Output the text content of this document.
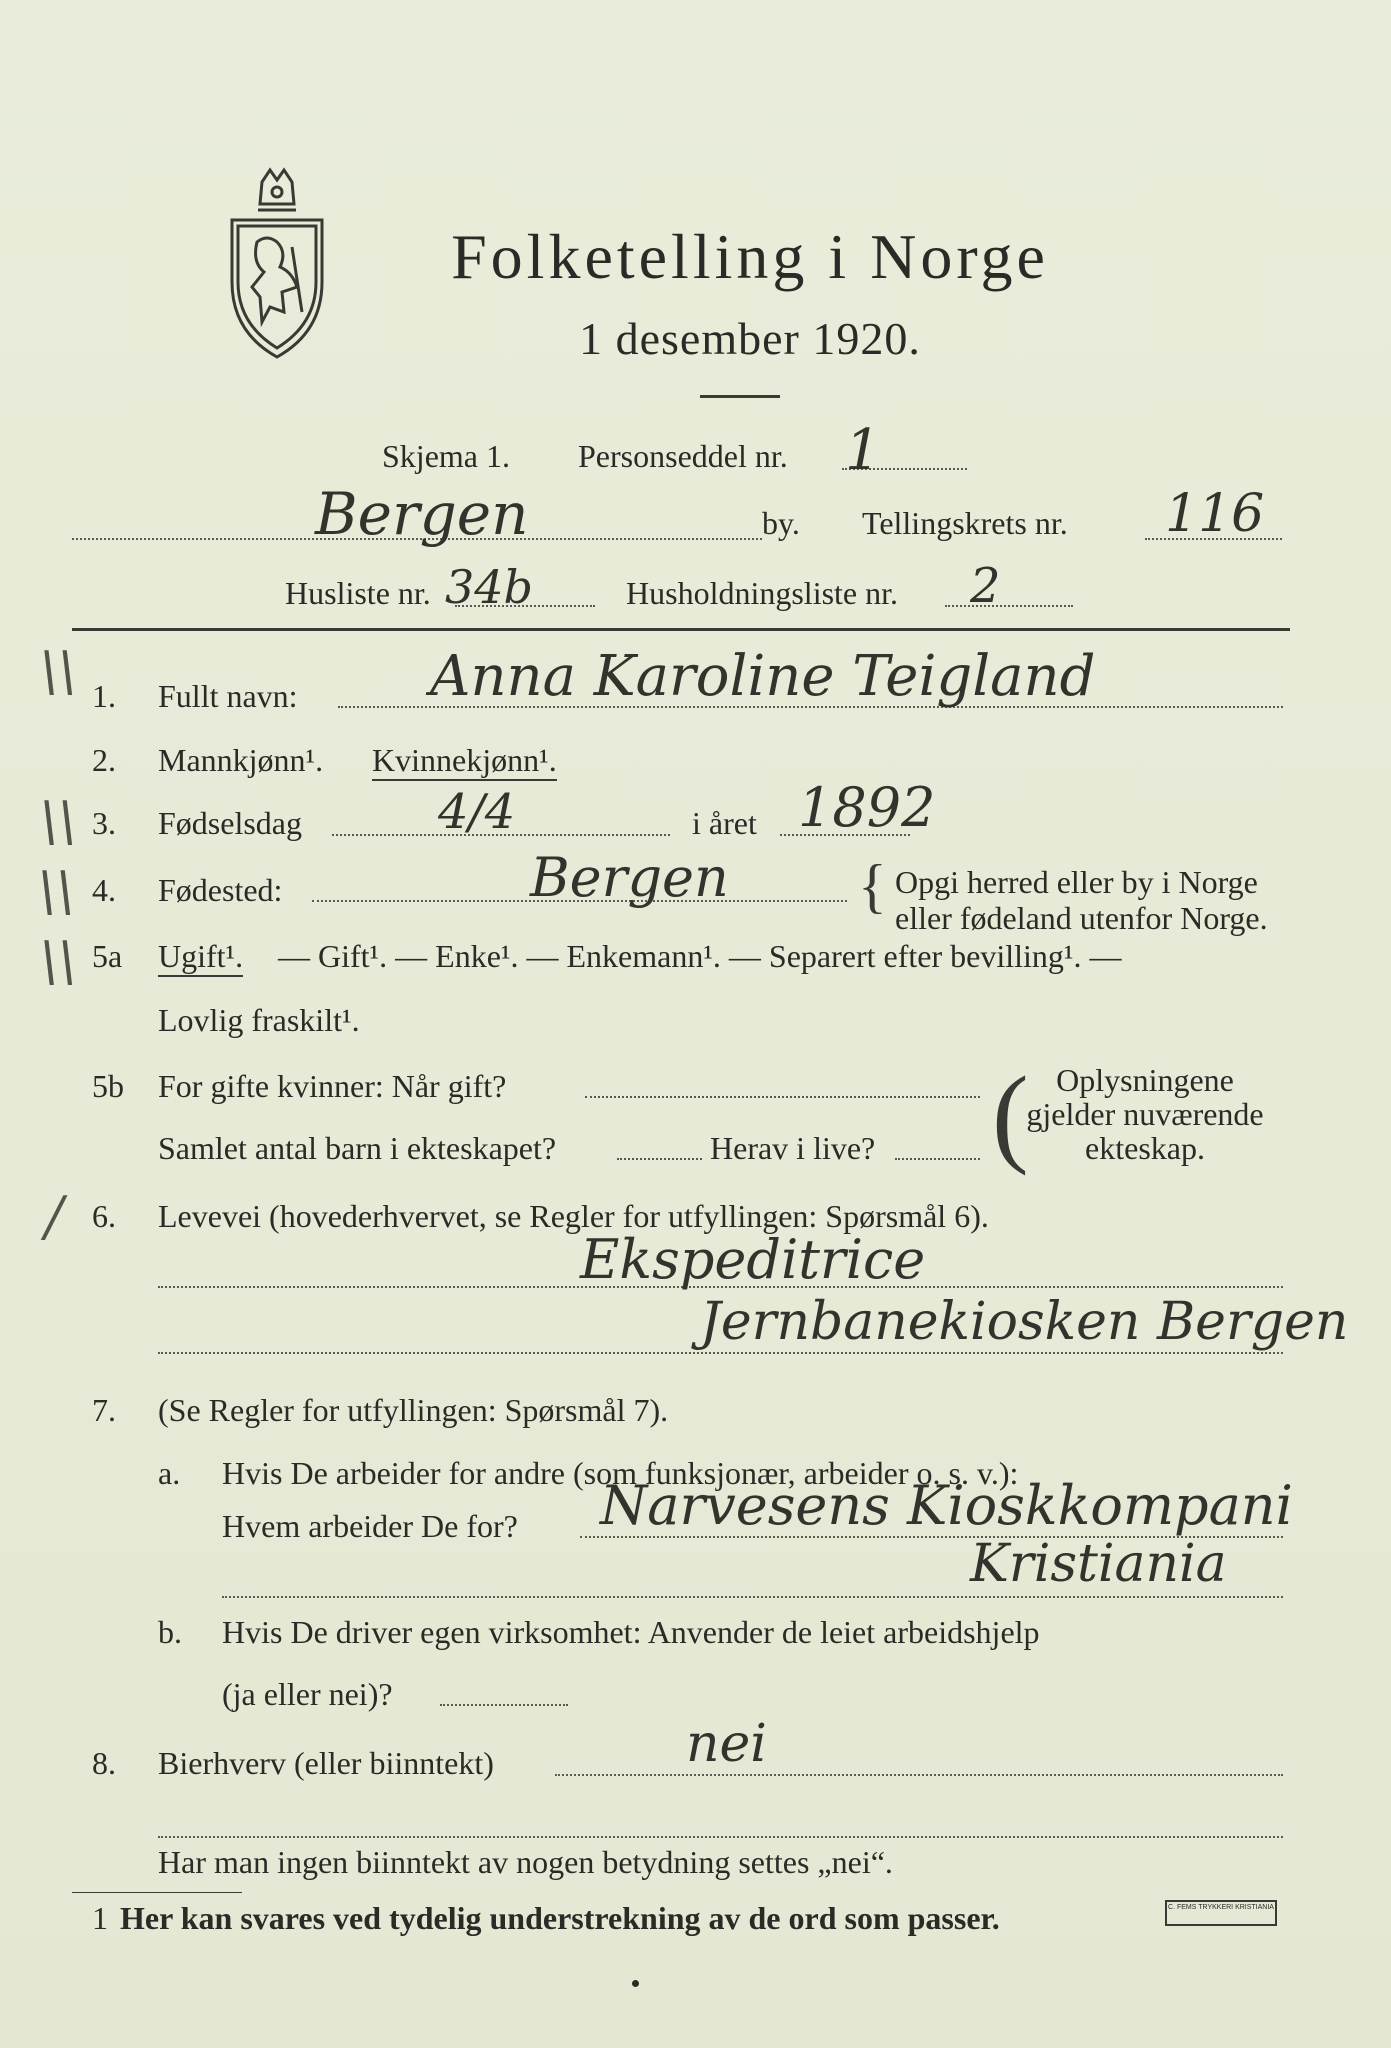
Folketelling i Norge
1 desember 1920.
Skjema 1. Personseddel nr. 1
Bergen	by. Tellingskrets nr. 116
Husliste nr. 34b	Husholdningsliste nr. 2
\\
\\
\\
\\
/
1. Fullt navn: Anna Karoline Teigland
2. Mannkjønn¹. Kvinnekjønn¹.
3. Fødselsdag	4/4	i året 1892
4. Fødested:	Bergen { Opgi herred eller by i Norge
eller fødeland utenfor Norge.
5a Ugift¹. — Gift¹. — Enke¹. — Enkemann¹. — Separert efter bevilling¹. —
Lovlig fraskilt¹.
5b For gifte kvinner: Når gift?
Samlet antal barn i ekteskapet?	Herav i live? ( Oplysningene
gjelder nuværende
ekteskap.
6. Levevei (hovederhvervet, se Regler for utfyllingen: Spørsmål 6).
Ekspeditrice
Jernbanekiosken Bergen
7. (Se Regler for utfyllingen: Spørsmål 7).
a. Hvis De arbeider for andre (som funksjonær, arbeider o. s. v.):
Hvem arbeider De for? Narvesens Kioskkompani
Kristiania
b. Hvis De driver egen virksomhet: Anvender de leiet arbeidshjelp
(ja eller nei)?
8. Bierhverv (eller biinntekt)	nei
Har man ingen biinntekt av nogen betydning settes „nei“.
1 Her kan svares ved tydelig understrekning av de ord som passer.	C. FEMS TRYKKERI KRISTIANIA
